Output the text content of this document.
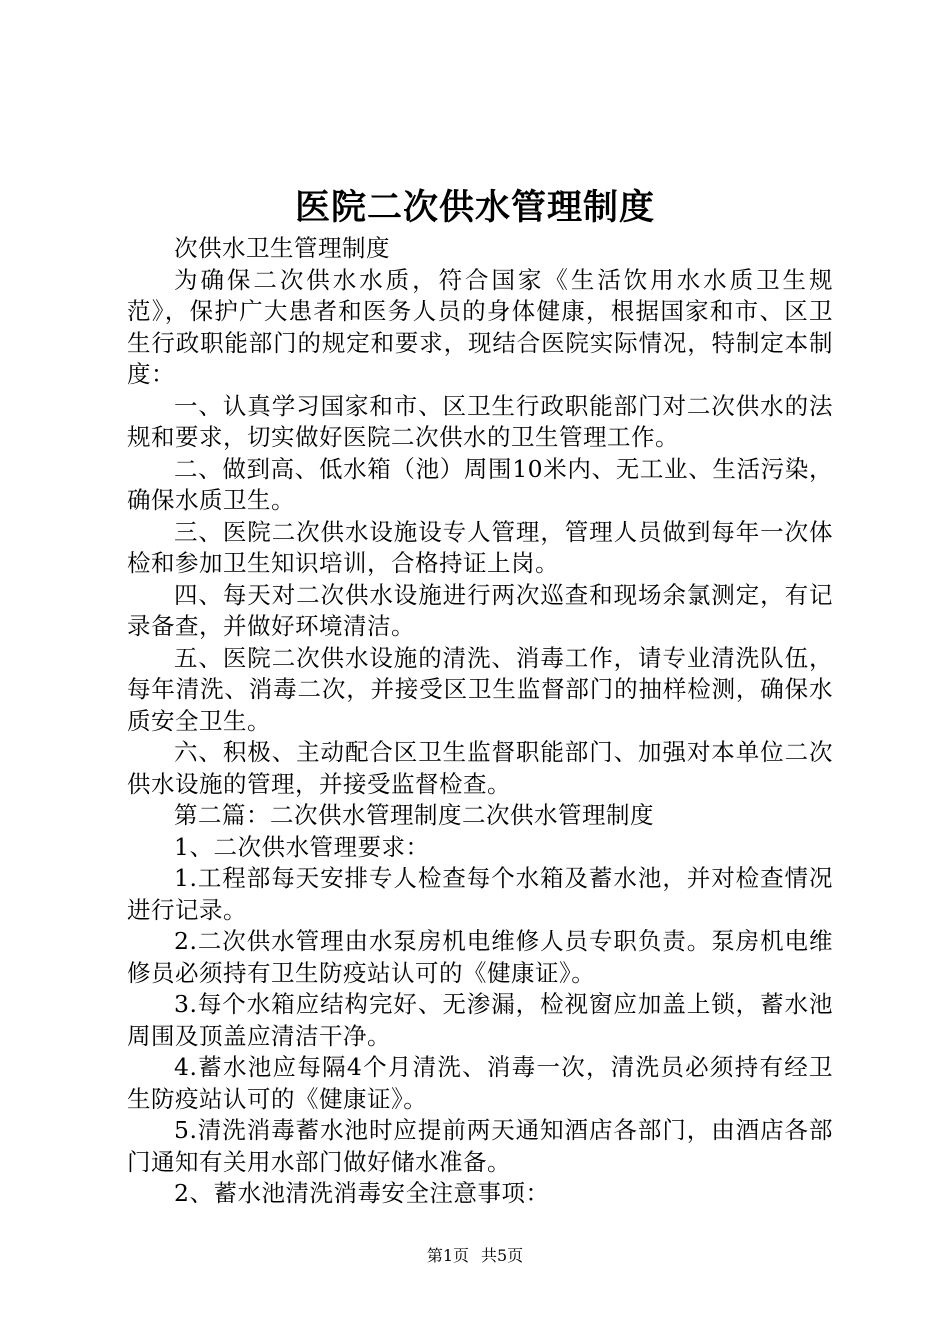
医院二次供水管理制度

次供水卫生管理制度

为确保二次供水水质，符合国家《生活饮用水水质卫生规范》，保护广大患者和医务人员的身体健康，根据国家和市、区卫生行政职能部门的规定和要求，现结合医院实际情况，特制定本制度：

一、认真学习国家和市、区卫生行政职能部门对二次供水的法规和要求，切实做好医院二次供水的卫生管理工作。

二、做到高、低水箱（池）周围10米内、无工业、生活污染，确保水质卫生。

三、医院二次供水设施设专人管理，管理人员做到每年一次体检和参加卫生知识培训，合格持证上岗。

四、每天对二次供水设施进行两次巡查和现场余氯测定，有记录备查，并做好环境清洁。

五、医院二次供水设施的清洗、消毒工作，请专业清洗队伍，每年清洗、消毒二次，并接受区卫生监督部门的抽样检测，确保水质安全卫生。

六、积极、主动配合区卫生监督职能部门、加强对本单位二次供水设施的管理，并接受监督检查。

第二篇：二次供水管理制度二次供水管理制度

1、二次供水管理要求：

1.工程部每天安排专人检查每个水箱及蓄水池，并对检查情况进行记录。

2.二次供水管理由水泵房机电维修人员专职负责。泵房机电维修员必须持有卫生防疫站认可的《健康证》。

3.每个水箱应结构完好、无渗漏，检视窗应加盖上锁，蓄水池周围及顶盖应清洁干净。

4.蓄水池应每隔4个月清洗、消毒一次，清洗员必须持有经卫生防疫站认可的《健康证》。

5.清洗消毒蓄水池时应提前两天通知酒店各部门，由酒店各部门通知有关用水部门做好储水准备。

2、蓄水池清洗消毒安全注意事项：

第1页 共5页
